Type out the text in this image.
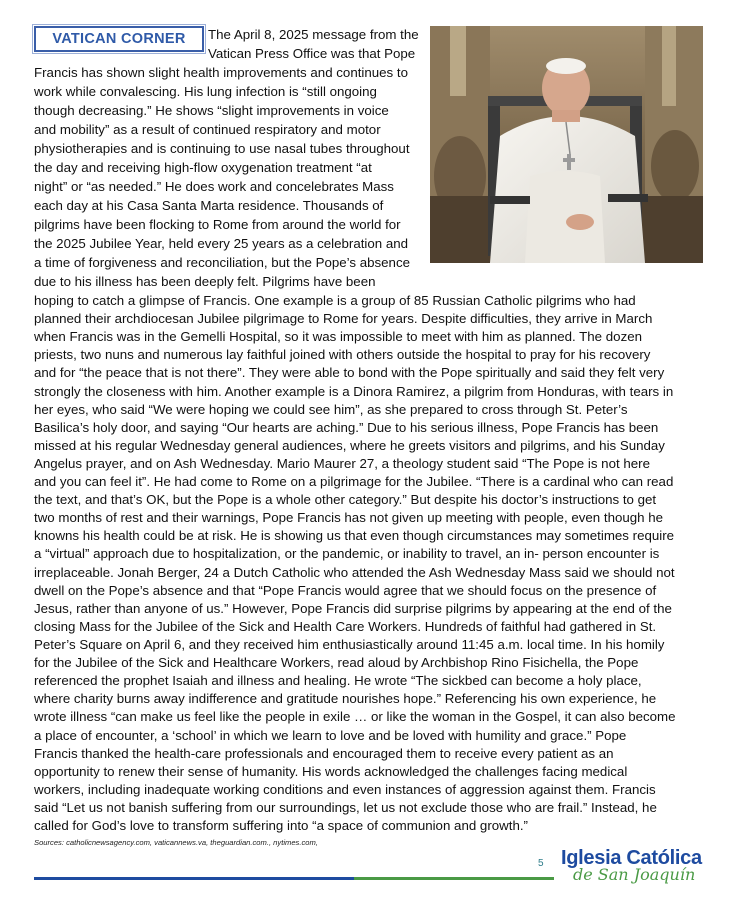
VATICAN CORNER	The April 8, 2025 message from the
Vatican Press Office was that Pope
Francis has shown slight health improvements and continues to
work while convalescing. His lung infection is “still ongoing
though decreasing.” He shows “slight improvements in voice
and mobility” as a result of continued respiratory and motor
physiotherapies and is continuing to use nasal tubes throughout
the day and receiving high-flow oxygenation treatment “at
night” or “as needed.” He does work and concelebrates Mass
each day at his Casa Santa Marta residence. Thousands of
pilgrims have been flocking to Rome from around the world for
the 2025 Jubilee Year, held every 25 years as a celebration and
a time of forgiveness and reconciliation, but the Pope’s absence
due to his illness has been deeply felt. Pilgrims have been
hoping to catch a glimpse of Francis. One example is a group of 85 Russian Catholic pilgrims who had
planned their archdiocesan Jubilee pilgrimage to Rome for years. Despite difficulties, they arrive in March
when Francis was in the Gemelli Hospital, so it was impossible to meet with him as planned. The dozen
priests, two nuns and numerous lay faithful joined with others outside the hospital to pray for his recovery
and for “the peace that is not there”. They were able to bond with the Pope spiritually and said they felt very
strongly the closeness with him. Another example is a Dinora Ramirez, a pilgrim from Honduras, with tears in
her eyes, who said “We were hoping we could see him”, as she prepared to cross through St. Peter’s
Basilica’s holy door, and saying “Our hearts are aching.” Due to his serious illness, Pope Francis has been
missed at his regular Wednesday general audiences, where he greets visitors and pilgrims, and his Sunday
Angelus prayer, and on Ash Wednesday. Mario Maurer 27, a theology student said “The Pope is not here
and you can feel it”. He had come to Rome on a pilgrimage for the Jubilee. “There is a cardinal who can read
the text, and that’s OK, but the Pope is a whole other category.” But despite his doctor’s instructions to get
two months of rest and their warnings, Pope Francis has not given up meeting with people, even though he
knowns his health could be at risk. He is showing us that even though circumstances may sometimes require
a “virtual” approach due to hospitalization, or the pandemic, or inability to travel, an in- person encounter is
irreplaceable. Jonah Berger, 24 a Dutch Catholic who attended the Ash Wednesday Mass said we should not
dwell on the Pope’s absence and that “Pope Francis would agree that we should focus on the presence of
Jesus, rather than anyone of us.” However, Pope Francis did surprise pilgrims by appearing at the end of the
closing Mass for the Jubilee of the Sick and Health Care Workers. Hundreds of faithful had gathered in St.
Peter’s Square on April 6, and they received him enthusiastically around 11:45 a.m. local time. In his homily
for the Jubilee of the Sick and Healthcare Workers, read aloud by Archbishop Rino Fisichella, the Pope
referenced the prophet Isaiah and illness and healing. He wrote “The sickbed can become a holy place,
where charity burns away indifference and gratitude nourishes hope.” Referencing his own experience, he
wrote illness “can make us feel like the people in exile … or like the woman in the Gospel, it can also become
a place of encounter, a ‘school’ in which we learn to love and be loved with humility and grace.” Pope
Francis thanked the health-care professionals and encouraged them to receive every patient as an
opportunity to renew their sense of humanity. His words acknowledged the challenges facing medical
workers, including inadequate working conditions and even instances of aggression against them. Francis
said “Let us not banish suffering from our surroundings, let us not exclude those who are frail.” Instead, he
called for God’s love to transform suffering into “a space of communion and growth.”
Sources: catholicnewsagency.com, vaticannews.va, theguardian.com., nytimes.com,
5 Iglesia Católica
de San Joaquín
